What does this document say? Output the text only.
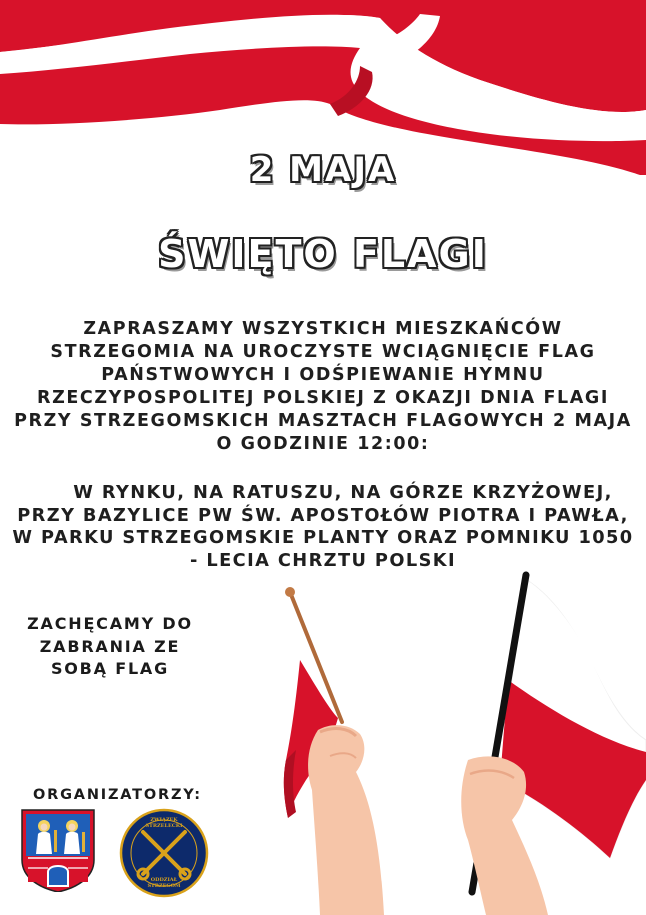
2 MAJA
ŚWIĘTO FLAGI
ZAPRASZAMY WSZYSTKICH MIESZKAŃCÓW
STRZEGOMIA NA UROCZYSTE WCIĄGNIĘCIE FLAG
PAŃSTWOWYCH I ODŚPIEWANIE HYMNU
RZECZYPOSPOLITEJ POLSKIEJ Z OKAZJI DNIA FLAGI
PRZY STRZEGOMSKICH MASZTACH FLAGOWYCH 2 MAJA
O GODZINIE 12:00:
W RYNKU, NA RATUSZU, NA GÓRZE KRZYŻOWEJ,
PRZY BAZYLICE PW ŚW. APOSTOŁÓW PIOTRA I PAWŁA,
W PARKU STRZEGOMSKIE PLANTY ORAZ POMNIKU 1050
- LECIA CHRZTU POLSKI
ZACHĘCAMY DO
ZABRANIA ZE
SOBĄ FLAG
ORGANIZATORZY:
ZWIĄZEK STRZELECKI
ODDZIAŁ STRZEGOM
